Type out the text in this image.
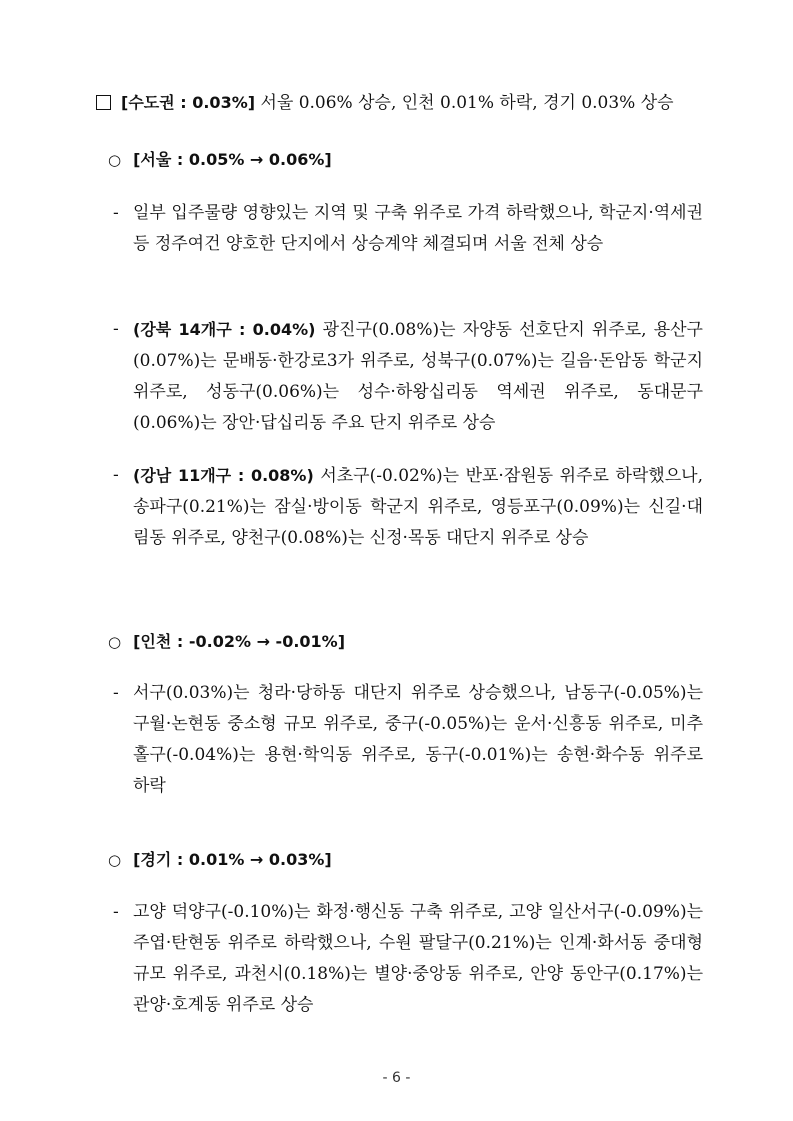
[수도권 : 0.03%] 서울 0.06% 상승, 인천 0.01% 하락, 경기 0.03% 상승
○ [서울 : 0.05% → 0.06%]
- 일부 입주물량 영향있는 지역 및 구축 위주로 가격 하락했으나, 학군지·역세권 등 정주여건 양호한 단지에서 상승계약 체결되며 서울 전체 상승
- (강북 14개구 : 0.04%) 광진구(0.08%)는 자양동 선호단지 위주로, 용산구(0.07%)는 문배동·한강로3가 위주로, 성북구(0.07%)는 길음·돈암동 학군지 위주로, 성동구(0.06%)는 성수·하왕십리동 역세권 위주로, 동대문구(0.06%)는 장안·답십리동 주요 단지 위주로 상승
- (강남 11개구 : 0.08%) 서초구(-0.02%)는 반포·잠원동 위주로 하락했으나, 송파구(0.21%)는 잠실·방이동 학군지 위주로, 영등포구(0.09%)는 신길·대림동 위주로, 양천구(0.08%)는 신정·목동 대단지 위주로 상승
○ [인천 : -0.02% → -0.01%]
- 서구(0.03%)는 청라·당하동 대단지 위주로 상승했으나, 남동구(-0.05%)는 구월·논현동 중소형 규모 위주로, 중구(-0.05%)는 운서·신흥동 위주로, 미추홀구(-0.04%)는 용현·학익동 위주로, 동구(-0.01%)는 송현·화수동 위주로 하락
○ [경기 : 0.01% → 0.03%]
- 고양 덕양구(-0.10%)는 화정·행신동 구축 위주로, 고양 일산서구(-0.09%)는 주엽·탄현동 위주로 하락했으나, 수원 팔달구(0.21%)는 인계·화서동 중대형 규모 위주로, 과천시(0.18%)는 별양·중앙동 위주로, 안양 동안구(0.17%)는 관양·호계동 위주로 상승
- 6 -
